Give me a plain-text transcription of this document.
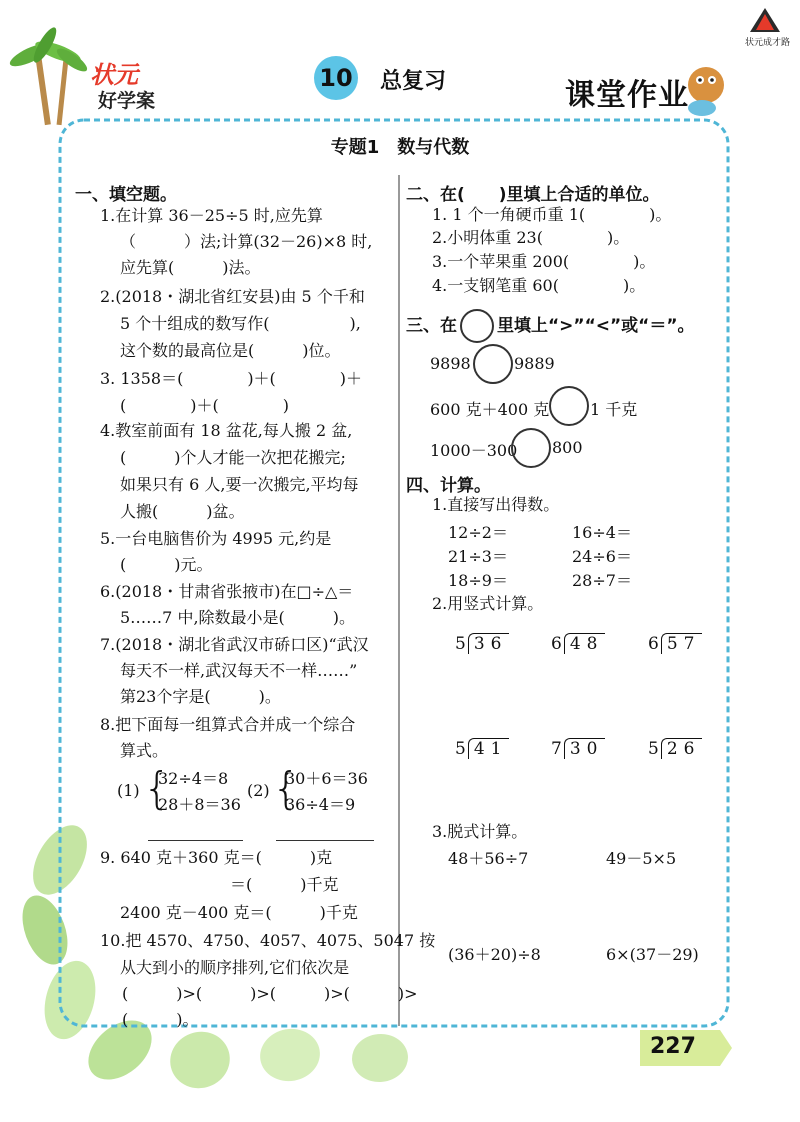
状元
好学案
状元成才路
10 总复习	课堂作业
专题1　数与代数
一、填空题。
1.在计算 36－25÷5 时,应先算
（　　　）法;计算(32－26)×8 时,
应先算(　　　)法。
2.(2018・湖北省红安县)由 5 个千和
5 个十组成的数写作(　　　　　),
这个数的最高位是(　　　)位。
3. 1358＝(　　　　)＋(　　　　)＋
(　　　　)＋(　　　　)
4.教室前面有 18 盆花,每人搬 2 盆,
(　　　)个人才能一次把花搬完;
如果只有 6 人,要一次搬完,平均每
人搬(　　　)盆。
5.一台电脑售价为 4995 元,约是
(　　　)元。
6.(2018・甘肃省张掖市)在□÷△＝
5……7 中,除数最小是(　　　)。
7.(2018・湖北省武汉市硚口区)“武汉
每天不一样,武汉每天不一样……”
第23个字是(　　　)。
8.把下面每一组算式合并成一个综合
算式。
(1) {
32÷4＝8
28＋8＝36
(2) {
30＋6＝36
36÷4＝9
9. 640 克＋360 克＝(　　　)克
＝(　　　)千克
2400 克－400 克＝(　　　)千克
10.把 4570、4750、4057、4075、5047 按
从大到小的顺序排列,它们依次是
(　　　)>(　　　)>(　　　)>(　　　)>
(　　　)。
二、在(　　)里填上合适的单位。
1. 1 个一角硬币重 1(　　　　)。
2.小明体重 23(　　　　)。
3.一个苹果重 200(　　　　)。
4.一支钢笔重 60(　　　　)。
三、在 里填上“>”“<”或“＝”。
9898	9889
600 克＋400 克	1 千克
1000－300 800
四、计算。
1.直接写出得数。
12÷2＝	16÷4＝
21÷3＝	24÷6＝
18÷9＝	28÷7＝
2.用竖式计算。
5 36	6 48	6 57
5 41	7 30	5 26
3.脱式计算。
48＋56÷7	49－5×5
(36＋20)÷8	6×(37－29)
227
